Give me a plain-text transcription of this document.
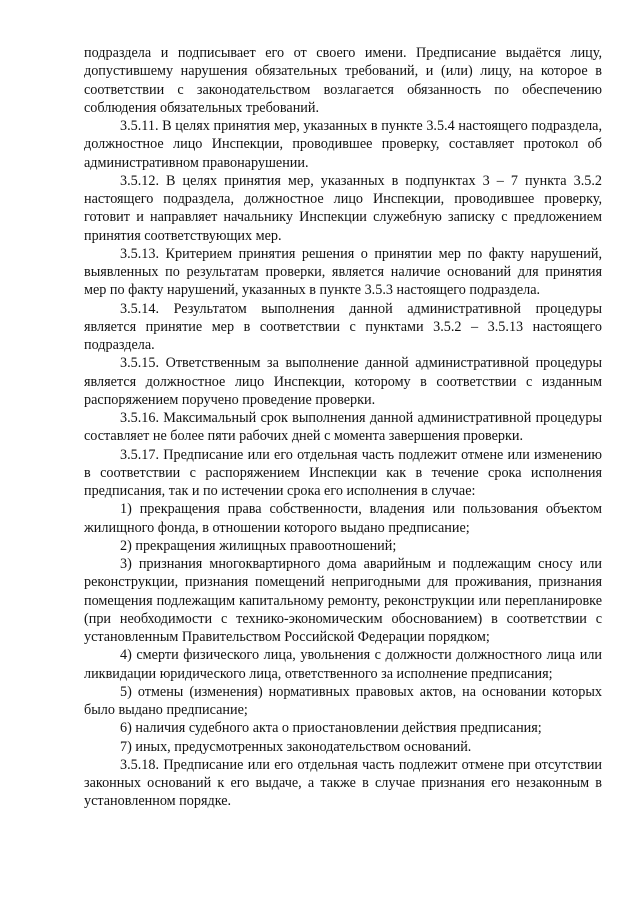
подраздела и подписывает его от своего имени. Предписание выдаётся лицу, допустившему нарушения обязательных требований, и (или) лицу, на которое в соответствии с законодательством возлагается обязанность по обеспечению соблюдения обязательных требований.

3.5.11. В целях принятия мер, указанных в пункте 3.5.4 настоящего подраздела, должностное лицо Инспекции, проводившее проверку, составляет протокол об административном правонарушении.

3.5.12. В целях принятия мер, указанных в подпунктах 3 – 7 пункта 3.5.2 настоящего подраздела, должностное лицо Инспекции, проводившее проверку, готовит и направляет начальнику Инспекции служебную записку с предложением принятия соответствующих мер.

3.5.13. Критерием принятия решения о принятии мер по факту нарушений, выявленных по результатам проверки, является наличие оснований для принятия мер по факту нарушений, указанных в пункте 3.5.3 настоящего подраздела.

3.5.14. Результатом выполнения данной административной процедуры является принятие мер в соответствии с пунктами 3.5.2 – 3.5.13 настоящего подраздела.

3.5.15. Ответственным за выполнение данной административной процедуры является должностное лицо Инспекции, которому в соответствии с изданным распоряжением поручено проведение проверки.

3.5.16. Максимальный срок выполнения данной административной процедуры составляет не более пяти рабочих дней с момента завершения проверки.

3.5.17. Предписание или его отдельная часть подлежит отмене или изменению в соответствии с распоряжением Инспекции как в течение срока исполнения предписания, так и по истечении срока его исполнения в случае:

1) прекращения права собственности, владения или пользования объектом жилищного фонда, в отношении которого выдано предписание;

2) прекращения жилищных правоотношений;

3) признания многоквартирного дома аварийным и подлежащим сносу или реконструкции, признания помещений непригодными для проживания, признания помещения подлежащим капитальному ремонту, реконструкции или перепланировке (при необходимости с технико-экономическим обоснованием) в соответствии с установленным Правительством Российской Федерации порядком;

4) смерти физического лица, увольнения с должности должностного лица или ликвидации юридического лица, ответственного за исполнение предписания;

5) отмены (изменения) нормативных правовых актов, на основании которых было выдано предписание;

6) наличия судебного акта о приостановлении действия предписания;

7) иных, предусмотренных законодательством оснований.

3.5.18. Предписание или его отдельная часть подлежит отмене при отсутствии законных оснований к его выдаче, а также в случае признания его незаконным в установленном порядке.
